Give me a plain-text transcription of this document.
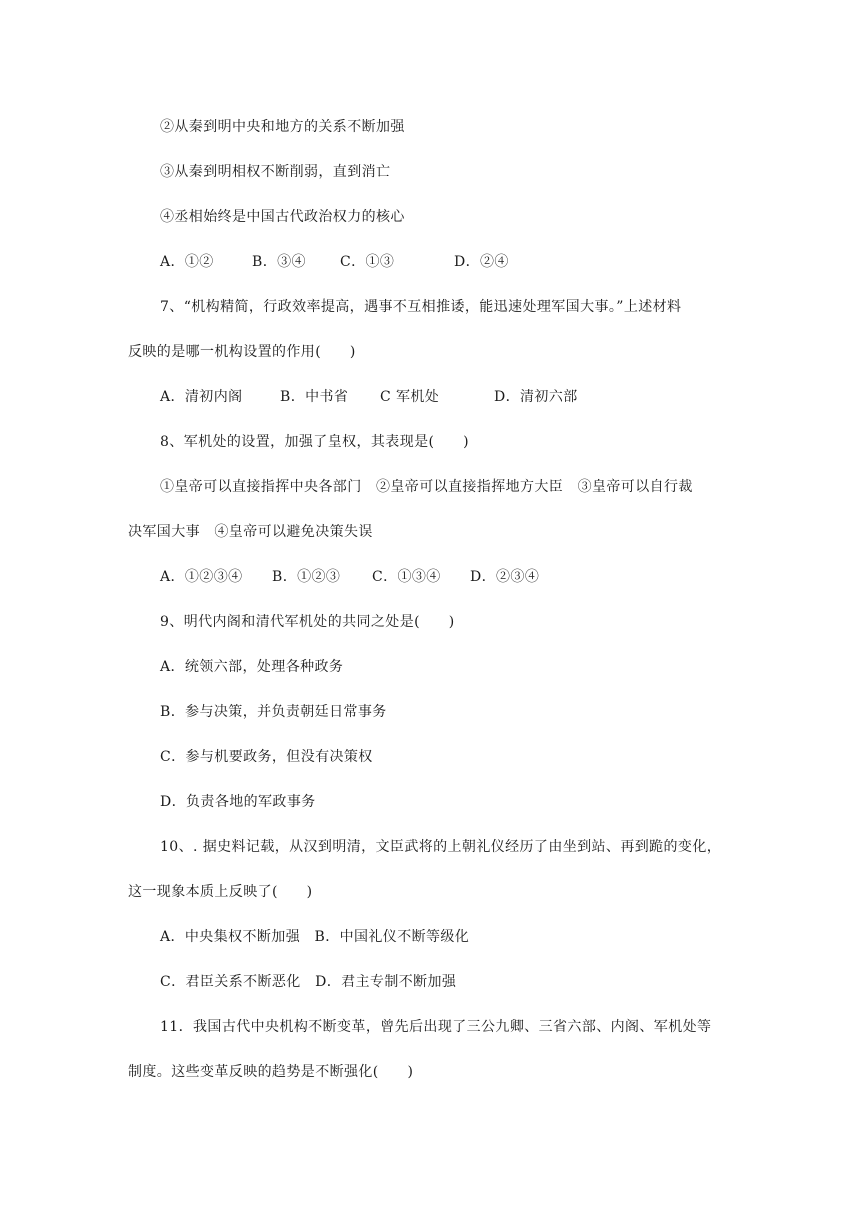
②从秦到明中央和地方的关系不断加强
③从秦到明相权不断削弱，直到消亡
④丞相始终是中国古代政治权力的核心
A．①②	B．③④ C．①③	D．②④
7、“机构精简，行政效率提高，遇事不互相推诿，能迅速处理军国大事。”上述材料
反映的是哪一机构设置的作用(　　)
A．清初内阁	B．中书省 C 军机处	D．清初六部
8、军机处的设置，加强了皇权，其表现是(　　)
①皇帝可以直接指挥中央各部门　②皇帝可以直接指挥地方大臣　③皇帝可以自行裁
决军国大事　④皇帝可以避免决策失误
A．①②③④ B．①②③ C．①③④ D．②③④
9、明代内阁和清代军机处的共同之处是(　　)
A．统领六部，处理各种政务
B．参与决策，并负责朝廷日常事务
C．参与机要政务，但没有决策权
D．负责各地的军政事务
10、. 据史料记载，从汉到明清，文臣武将的上朝礼仪经历了由坐到站、再到跪的变化，
这一现象本质上反映了(　　)
A．中央集权不断加强　B．中国礼仪不断等级化
C．君臣关系不断恶化　D．君主专制不断加强
11．我国古代中央机构不断变革，曾先后出现了三公九卿、三省六部、内阁、军机处等
制度。这些变革反映的趋势是不断强化(　　)
